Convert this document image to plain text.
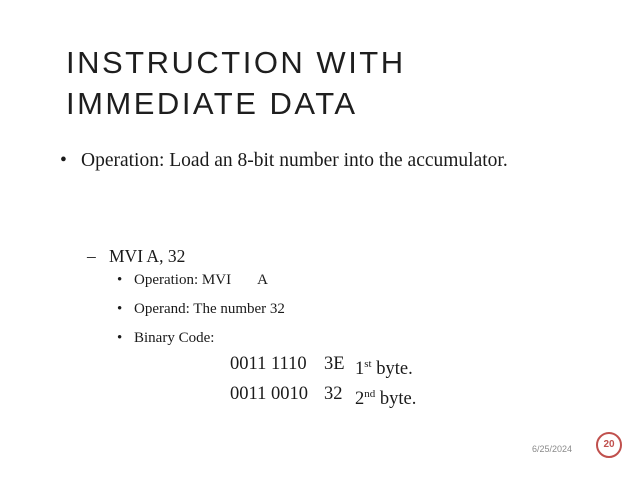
INSTRUCTION WITH
IMMEDIATE DATA
• Operation: Load an 8-bit number into the accumulator.
– MVI A, 32
• Operation: MVI A
• Operand: The number 32
• Binary Code:
0011 1110 3E 1st byte.
0011 0010 32 2nd byte.
6/25/2024	20
